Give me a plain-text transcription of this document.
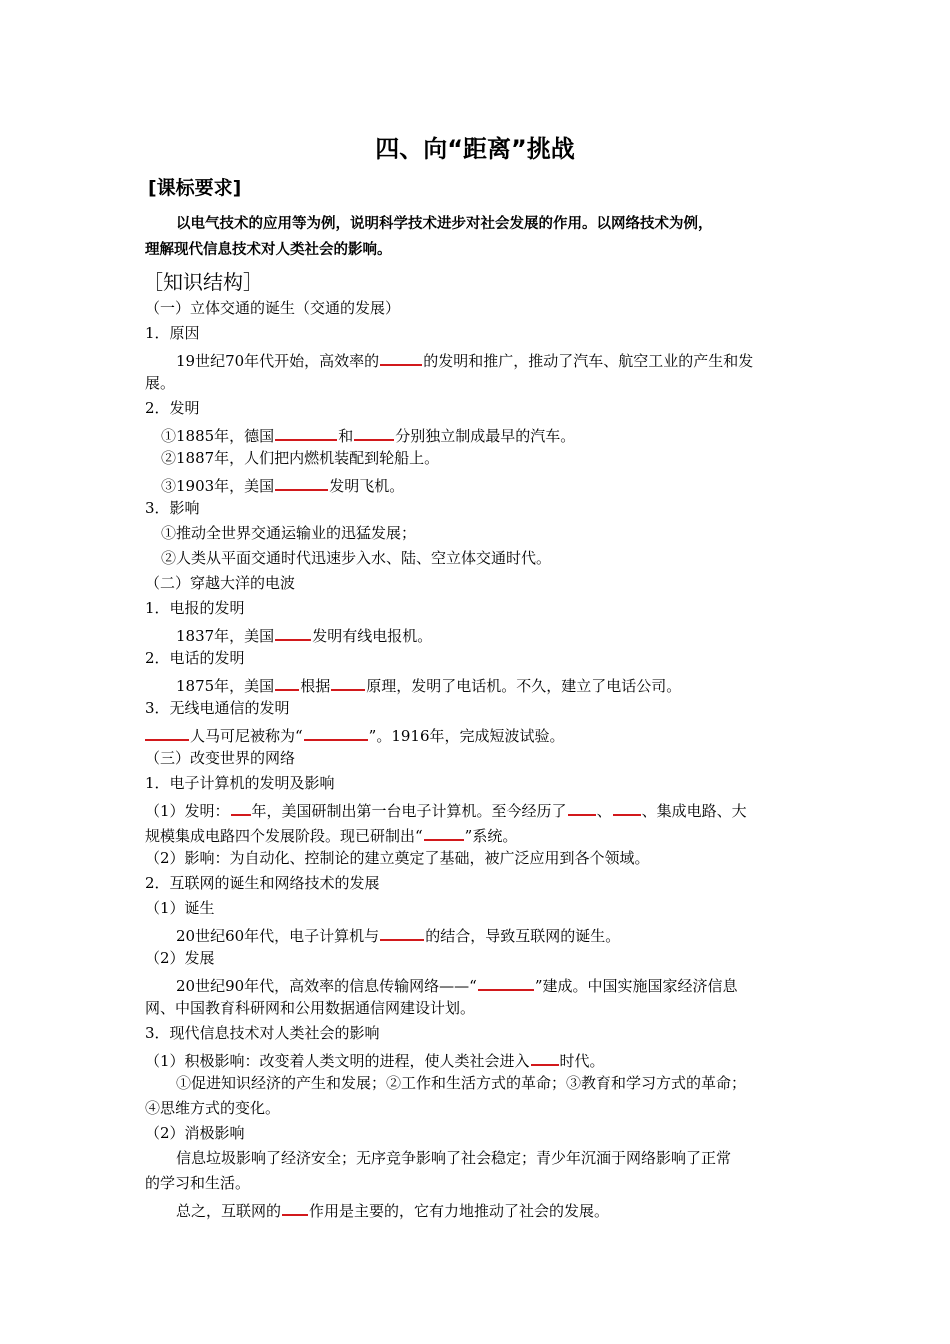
四、向“距离”挑战
[课标要求]
以电气技术的应用等为例，说明科学技术进步对社会发展的作用。以网络技术为例，
理解现代信息技术对人类社会的影响。
［知识结构］
（一）立体交通的诞生（交通的发展）
1．原因
19世纪70年代开始，高效率的	的发明和推广，推动了汽车、航空工业的产生和发
展。
2．发明
①1885年，德国	和	分别独立制成最早的汽车。
②1887年，人们把内燃机装配到轮船上。
③1903年，美国	发明飞机。
3．影响
①推动全世界交通运输业的迅猛发展；
②人类从平面交通时代迅速步入水、陆、空立体交通时代。
（二）穿越大洋的电波
1．电报的发明
1837年，美国	发明有线电报机。
2．电话的发明
1875年，美国 根据 原理，发明了电话机。不久，建立了电话公司。
3．无线电通信的发明
人马可尼被称为“	”。1916年，完成短波试验。
（三）改变世界的网络
1．电子计算机的发明及影响
（1）发明： 年，美国研制出第一台电子计算机。至今经历了 、 、集成电路、大
规模集成电路四个发展阶段。现已研制出“	”系统。
（2）影响：为自动化、控制论的建立奠定了基础，被广泛应用到各个领域。
2．互联网的诞生和网络技术的发展
（1）诞生
20世纪60年代，电子计算机与	的结合，导致互联网的诞生。
（2）发展
20世纪90年代，高效率的信息传输网络——“	”建成。中国实施国家经济信息
网、中国教育科研网和公用数据通信网建设计划。
3．现代信息技术对人类社会的影响
（1）积极影响：改变着人类文明的进程，使人类社会进入 时代。
①促进知识经济的产生和发展；②工作和生活方式的革命；③教育和学习方式的革命；
④思维方式的变化。
（2）消极影响
信息垃圾影响了经济安全；无序竞争影响了社会稳定；青少年沉湎于网络影响了正常
的学习和生活。
总之，互联网的 作用是主要的，它有力地推动了社会的发展。
